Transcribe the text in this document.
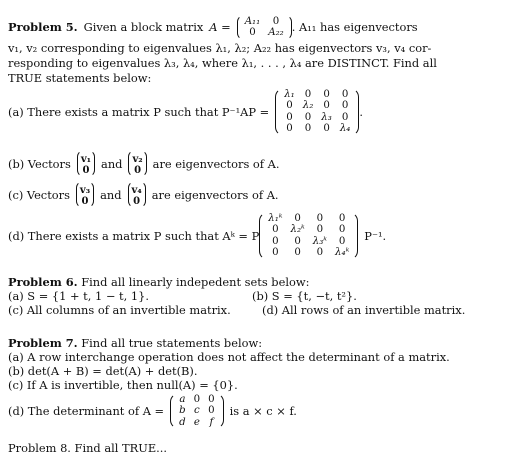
Problem 5. Given a block matrix A = A₁₁	0
0	A₂₂ . A₁₁ has eigenvectors
v₁, v₂ corresponding to eigenvalues λ₁, λ₂; A₂₂ has eigenvectors v₃, v₄ cor-
responding to eigenvalues λ₃, λ₄, where λ₁, . . . , λ₄ are DISTINCT. Find all
TRUE statements below:
(a) There exists a matrix P such that P⁻¹AP =
λ₁	0	0	0
0	λ₂	0	0
0	0	λ₃	0
0	0	0	λ₄
.
(b) Vectors v₁
0 and v₂
0 are eigenvectors of A.
(c) Vectors v₃
0 and v₄
0 are eigenvectors of A.
(d) There exists a matrix P such that Aᵏ = P
λ₁ᵏ	0	0	0
0	λ₂ᵏ	0	0
0	0	λ₃ᵏ	0
0	0	0	λ₄ᵏ
P⁻¹.
Problem 6. Find all linearly indepedent sets below:
(a) S = {1 + t, 1 − t, 1}.	(b) S = {t, −t, t²}.
(c) All columns of an invertible matrix.	(d) All rows of an invertible matrix.
Problem 7. Find all true statements below:
(a) A row interchange operation does not affect the determinant of a matrix.
(b) det(A + B) = det(A) + det(B).
(c) If A is invertible, then null(A) = {0}.
(d) The determinant of A =
a	0	0
b	c	0
d	e	f
is a × c × f.
Problem 8. Find all TRUE...
